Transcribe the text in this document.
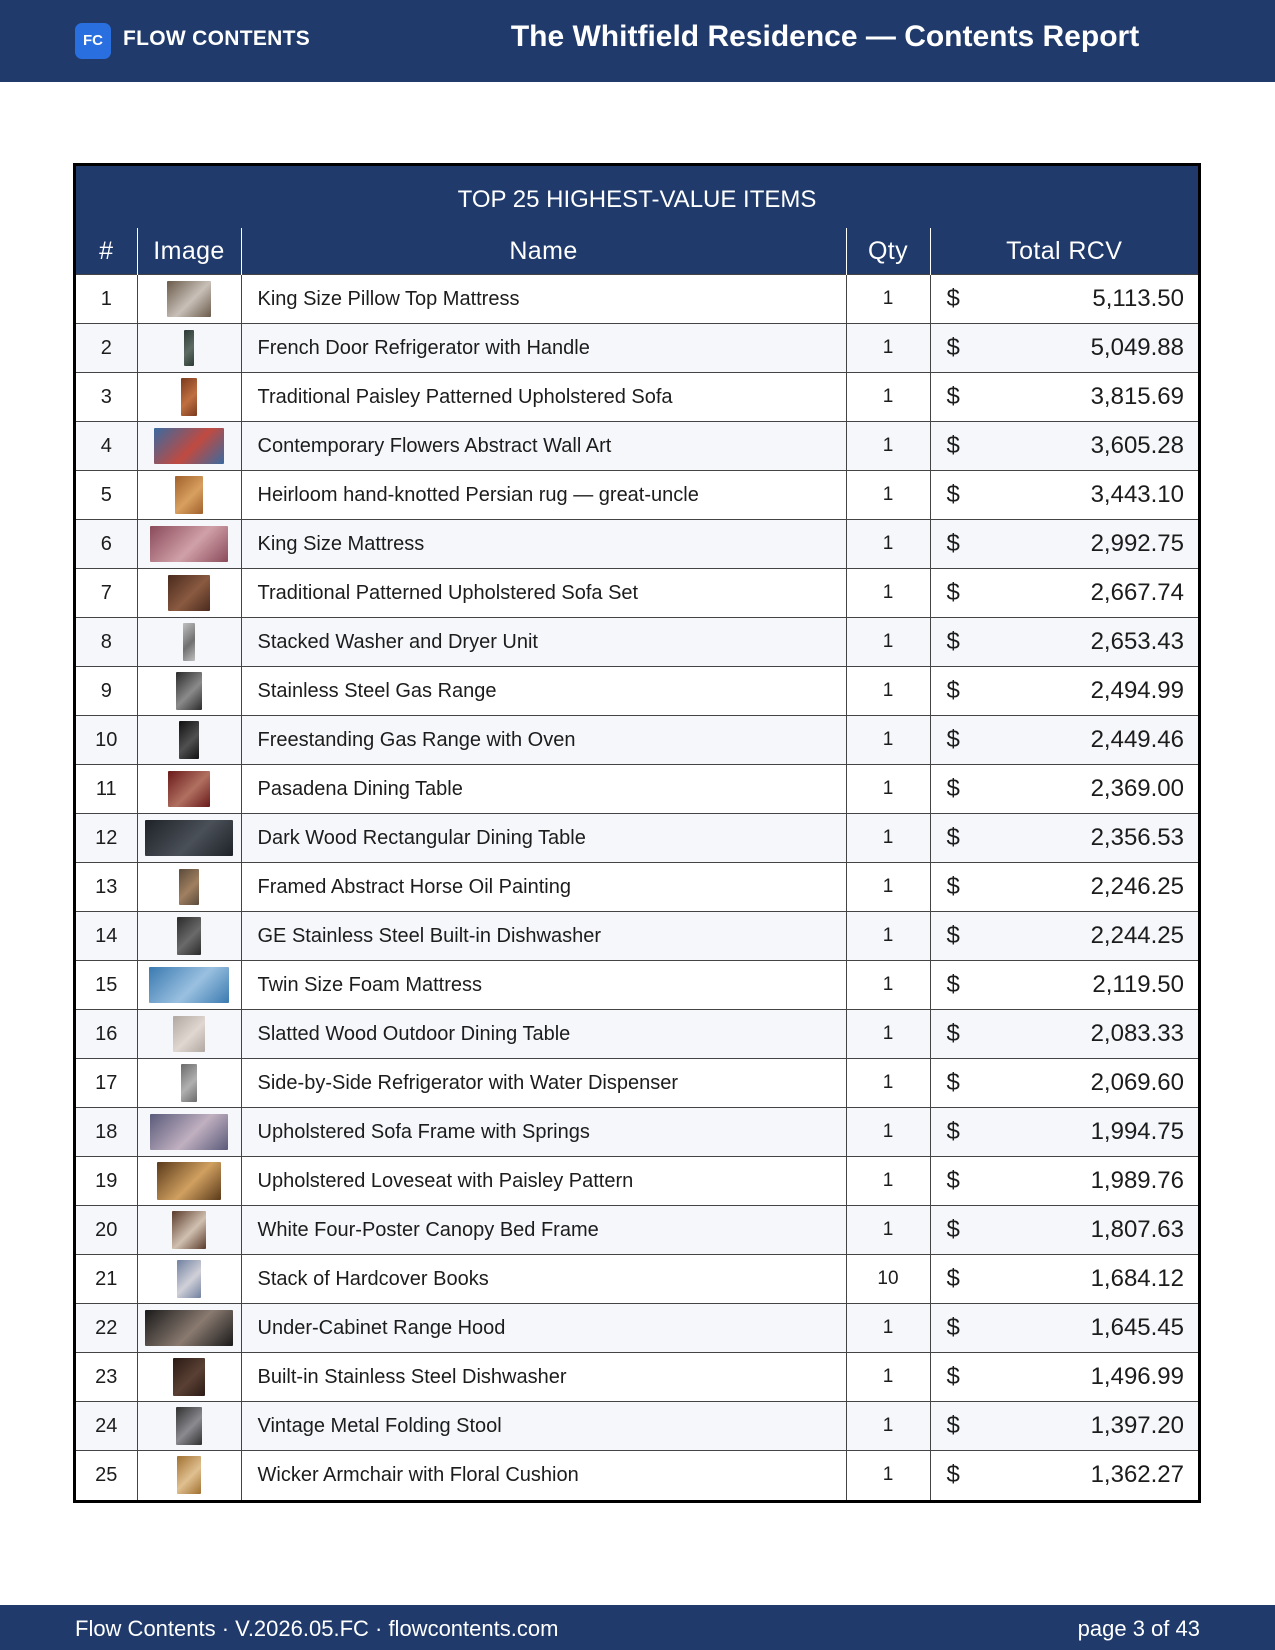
FC FLOW CONTENTS	The Whitfield Residence — Contents Report
TOP 25 HIGHEST-VALUE ITEMS				
#	Image	Name	Qty	Total RCV
1		King Size Pillow Top Mattress	1	$ 5,113.50

2		French Door Refrigerator with Handle	1	$ 5,049.88

3		Traditional Paisley Patterned Upholstered Sofa	1	$ 3,815.69

4		Contemporary Flowers Abstract Wall Art	1	$ 3,605.28

5		Heirloom hand-knotted Persian rug — great-uncle	1	$ 3,443.10

6		King Size Mattress	1	$ 2,992.75

7		Traditional Patterned Upholstered Sofa Set	1	$ 2,667.74

8		Stacked Washer and Dryer Unit	1	$ 2,653.43

9		Stainless Steel Gas Range	1	$ 2,494.99

10		Freestanding Gas Range with Oven	1	$ 2,449.46

11		Pasadena Dining Table	1	$ 2,369.00

12		Dark Wood Rectangular Dining Table	1	$ 2,356.53

13		Framed Abstract Horse Oil Painting	1	$ 2,246.25

14		GE Stainless Steel Built-in Dishwasher	1	$ 2,244.25

15		Twin Size Foam Mattress	1	$ 2,119.50

16		Slatted Wood Outdoor Dining Table	1	$ 2,083.33

17		Side-by-Side Refrigerator with Water Dispenser	1	$ 2,069.60

18		Upholstered Sofa Frame with Springs	1	$ 1,994.75

19		Upholstered Loveseat with Paisley Pattern	1	$ 1,989.76

20		White Four-Poster Canopy Bed Frame	1	$ 1,807.63

21		Stack of Hardcover Books	10	$ 1,684.12

22		Under-Cabinet Range Hood	1	$ 1,645.45

23		Built-in Stainless Steel Dishwasher	1	$ 1,496.99

24		Vintage Metal Folding Stool	1	$ 1,397.20

25		Wicker Armchair with Floral Cushion	1	$ 1,362.27
Flow Contents · V.2026.05.FC · flowcontents.com	page 3 of 43
